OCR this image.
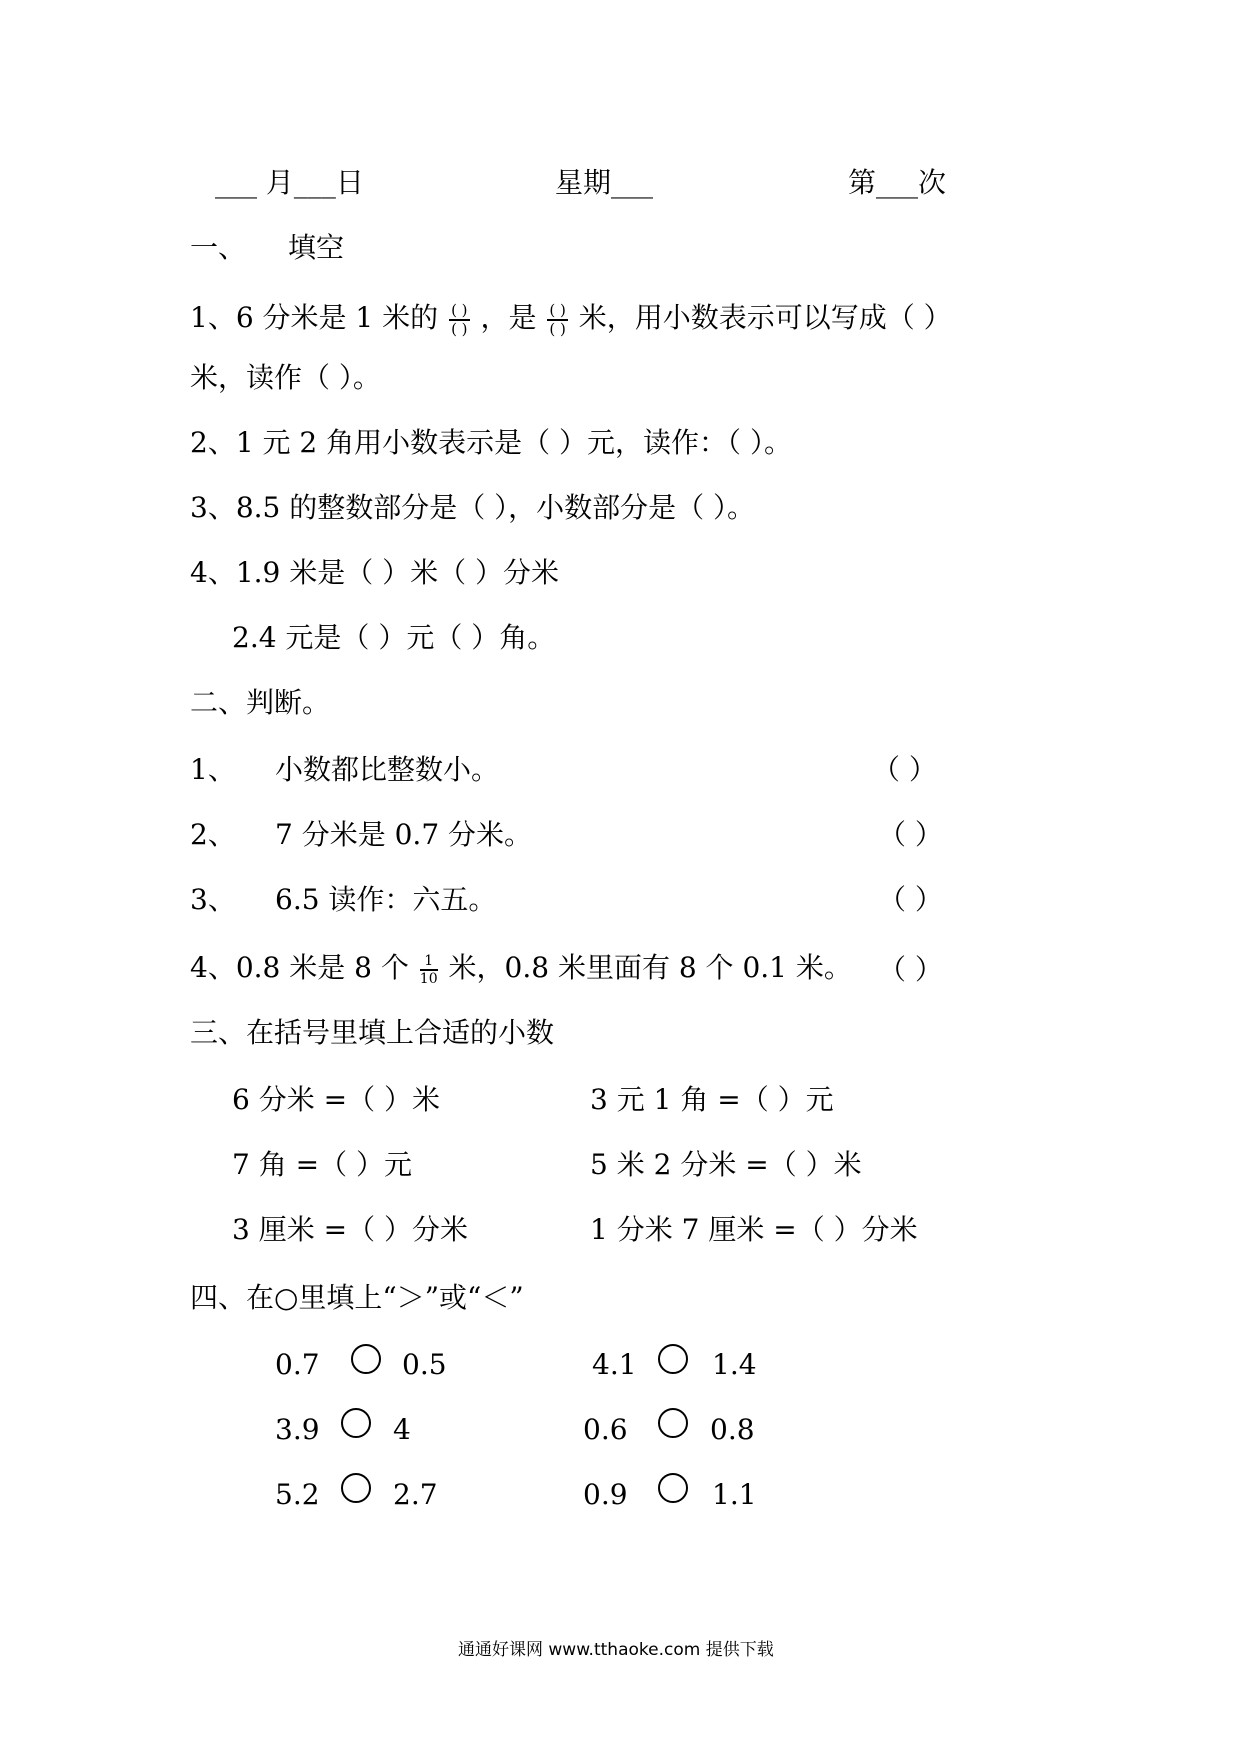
___ 月___日	星期___	第___次
一、 填空
1、6 分米是 1 米的 $\frac{( )}{( )}$ ，是 $\frac{( )}{( )}$ 米，用小数表示可以写成（ ）
米，读作（ ）。
2、1 元 2 角用小数表示是（ ）元，读作：（ ）。
3、8.5 的整数部分是（ ），小数部分是（ ）。
4、1.9 米是（ ）米（ ）分米
2.4 元是（ ）元（ ）角。
二、判断。
1、 小数都比整数小。	（ ）
2、 7 分米是 0.7 分米。	（ ）
3、 6.5 读作：六五。	（ ）
4、0.8 米是 8 个 $\frac{1}{10}$ 米，0.8 米里面有 8 个 0.1 米。 （ ）
三、在括号里填上合适的小数
6 分米 =（ ）米	3 元 1 角 =（ ）元
7 角 =（ ）元	5 米 2 分米 =（ ）米
3 厘米 =（ ）分米	1 分米 7 厘米 =（ ）分米
四、在○里填上“＞”或“＜”
0.7	0.5	4.1	1.4
3.9	4	0.6	0.8
5.2	2.7	0.9	1.1
通通好课网 www.tthaoke.com 提供下载
